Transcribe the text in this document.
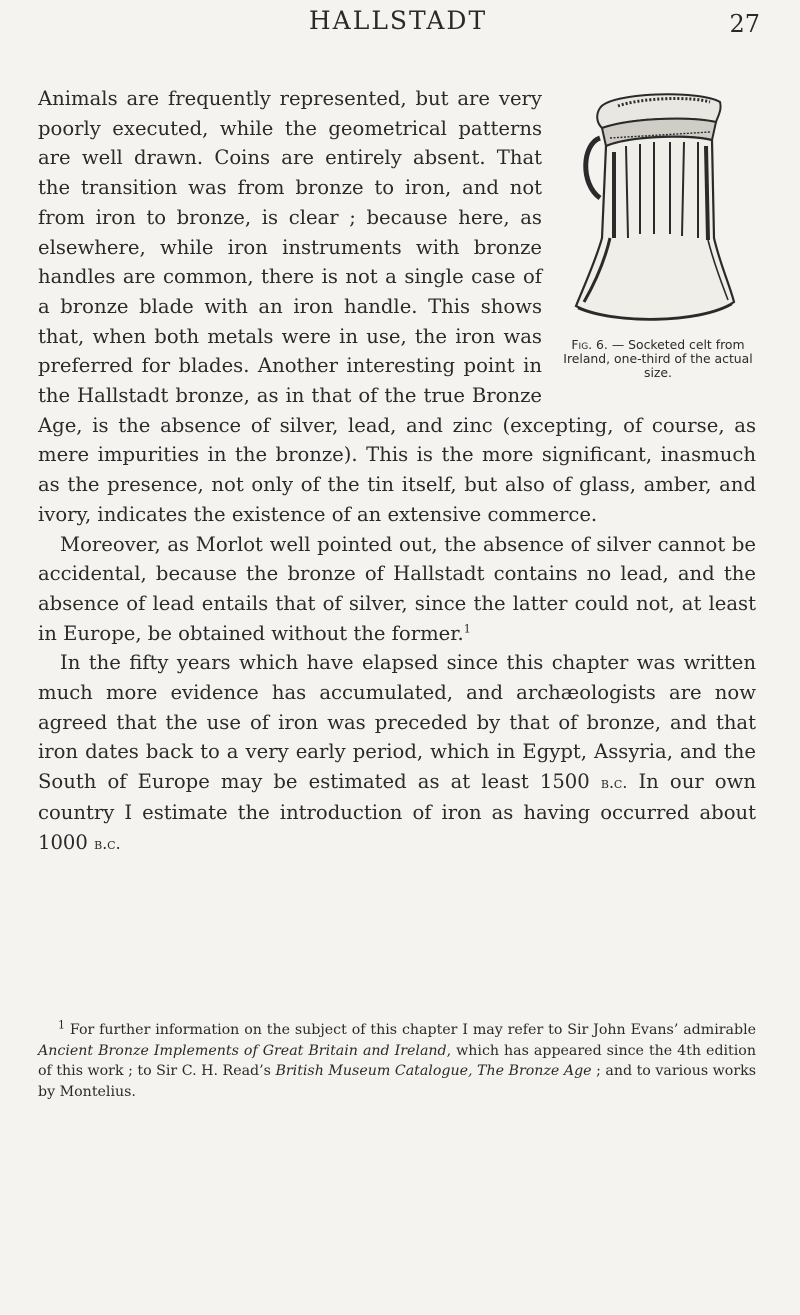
HALLSTADT	27
Fig. 6. — Socketed celt from Ireland, one-third of the actual size.

Animals are frequently represented, but are very poorly executed, while the geometrical patterns are well drawn. Coins are entirely absent. That the transition was from bronze to iron, and not from iron to bronze, is clear ; because here, as elsewhere, while iron instruments with bronze handles are common, there is not a single case of a bronze blade with an iron handle. This shows that, when both metals were in use, the iron was preferred for blades. Another interesting point in the Hallstadt bronze, as in that of the true Bronze Age, is the absence of silver, lead, and zinc (excepting, of course, as mere impurities in the bronze). This is the more significant, inasmuch as the presence, not only of the tin itself, but also of glass, amber, and ivory, indicates the existence of an extensive commerce.

Moreover, as Morlot well pointed out, the absence of silver cannot be accidental, because the bronze of Hallstadt contains no lead, and the absence of lead entails that of silver, since the latter could not, at least in Europe, be obtained without the former.$^1$

In the fifty years which have elapsed since this chapter was written much more evidence has accumulated, and archæologists are now agreed that the use of iron was preceded by that of bronze, and that iron dates back to a very early period, which in Egypt, Assyria, and the South of Europe may be estimated as at least 1500 b.c. In our own country I estimate the introduction of iron as having occurred about 1000 b.c.

$^1$ For further information on the subject of this chapter I may refer to Sir John Evans’ admirable Ancient Bronze Implements of Great Britain and Ireland, which has appeared since the 4th edition of this work ; to Sir C. H. Read’s British Museum Catalogue, The Bronze Age ; and to various works by Montelius.
